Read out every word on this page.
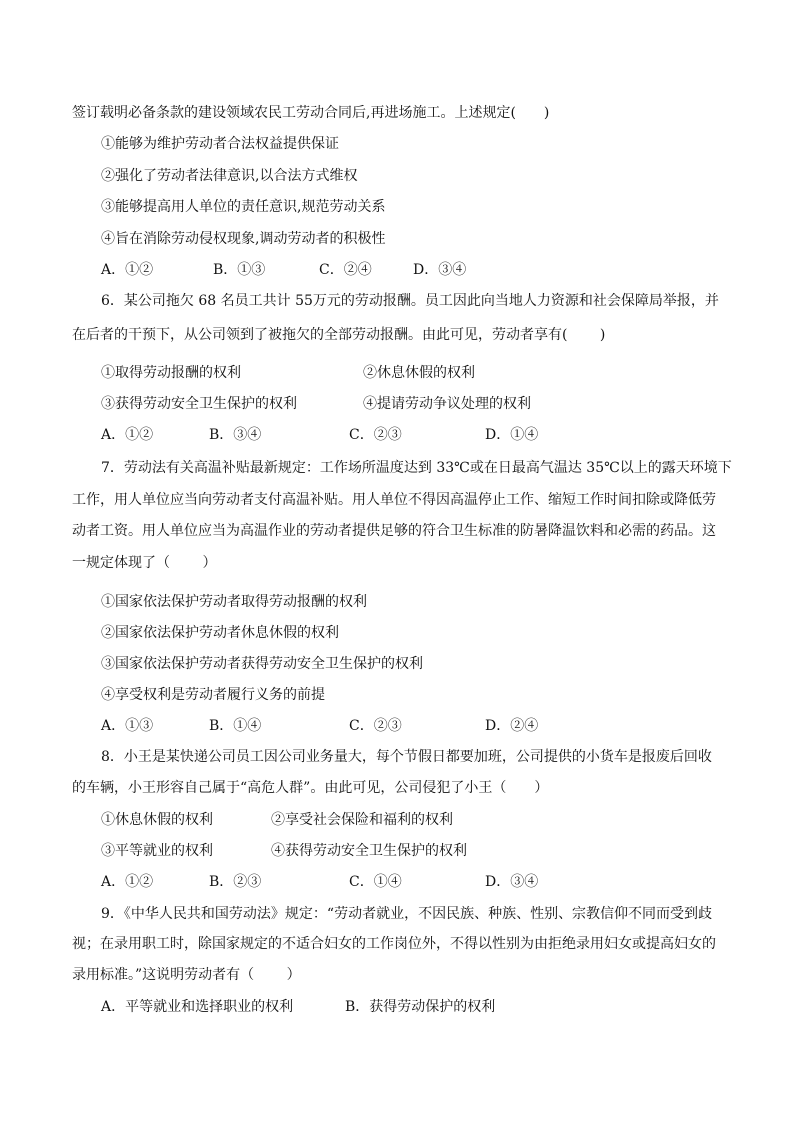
签订载明必备条款的建设领域农民工劳动合同后,再进场施工。上述规定(　　)
①能够为维护劳动者合法权益提供保证
②强化了劳动者法律意识,以合法方式维权
③能够提高用人单位的责任意识,规范劳动关系
④旨在消除劳动侵权现象,调动劳动者的积极性
A．①②	B．①③	C．②④	D．③④
6．某公司拖欠 68 名员工共计 55万元的劳动报酬。员工因此向当地人力资源和社会保障局举报，并
在后者的干预下，从公司领到了被拖欠的全部劳动报酬。由此可见，劳动者享有(　　 )
①取得劳动报酬的权利	②休息休假的权利
③获得劳动安全卫生保护的权利	④提请劳动争议处理的权利
A．①②	B．③④	C．②③	D．①④
7．劳动法有关高温补贴最新规定：工作场所温度达到 33℃或在日最高气温达 35℃以上的露天环境下
工作，用人单位应当向劳动者支付高温补贴。用人单位不得因高温停止工作、缩短工作时间扣除或降低劳
动者工资。用人单位应当为高温作业的劳动者提供足够的符合卫生标准的防暑降温饮料和必需的药品。这
一规定体现了（　　 ）
①国家依法保护劳动者取得劳动报酬的权利
②国家依法保护劳动者休息休假的权利
③国家依法保护劳动者获得劳动安全卫生保护的权利
④享受权利是劳动者履行义务的前提
A．①③	B．①④	C．②③	D．②④
8．小王是某快递公司员工因公司业务量大，每个节假日都要加班，公司提供的小货车是报废后回收
的车辆，小王形容自己属于“高危人群”。由此可见，公司侵犯了小王（　　）
①休息休假的权利	②享受社会保险和福利的权利
③平等就业的权利	④获得劳动安全卫生保护的权利
A．①②	B．②③	C．①④	D．③④
9．《中华人民共和国劳动法》规定：“劳动者就业，不因民族、种族、性别、宗教信仰不同而受到歧
视；在录用职工时，除国家规定的不适合妇女的工作岗位外，不得以性别为由拒绝录用妇女或提高妇女的
录用标准。”这说明劳动者有（　　 ）
A．平等就业和选择职业的权利	B．获得劳动保护的权利
